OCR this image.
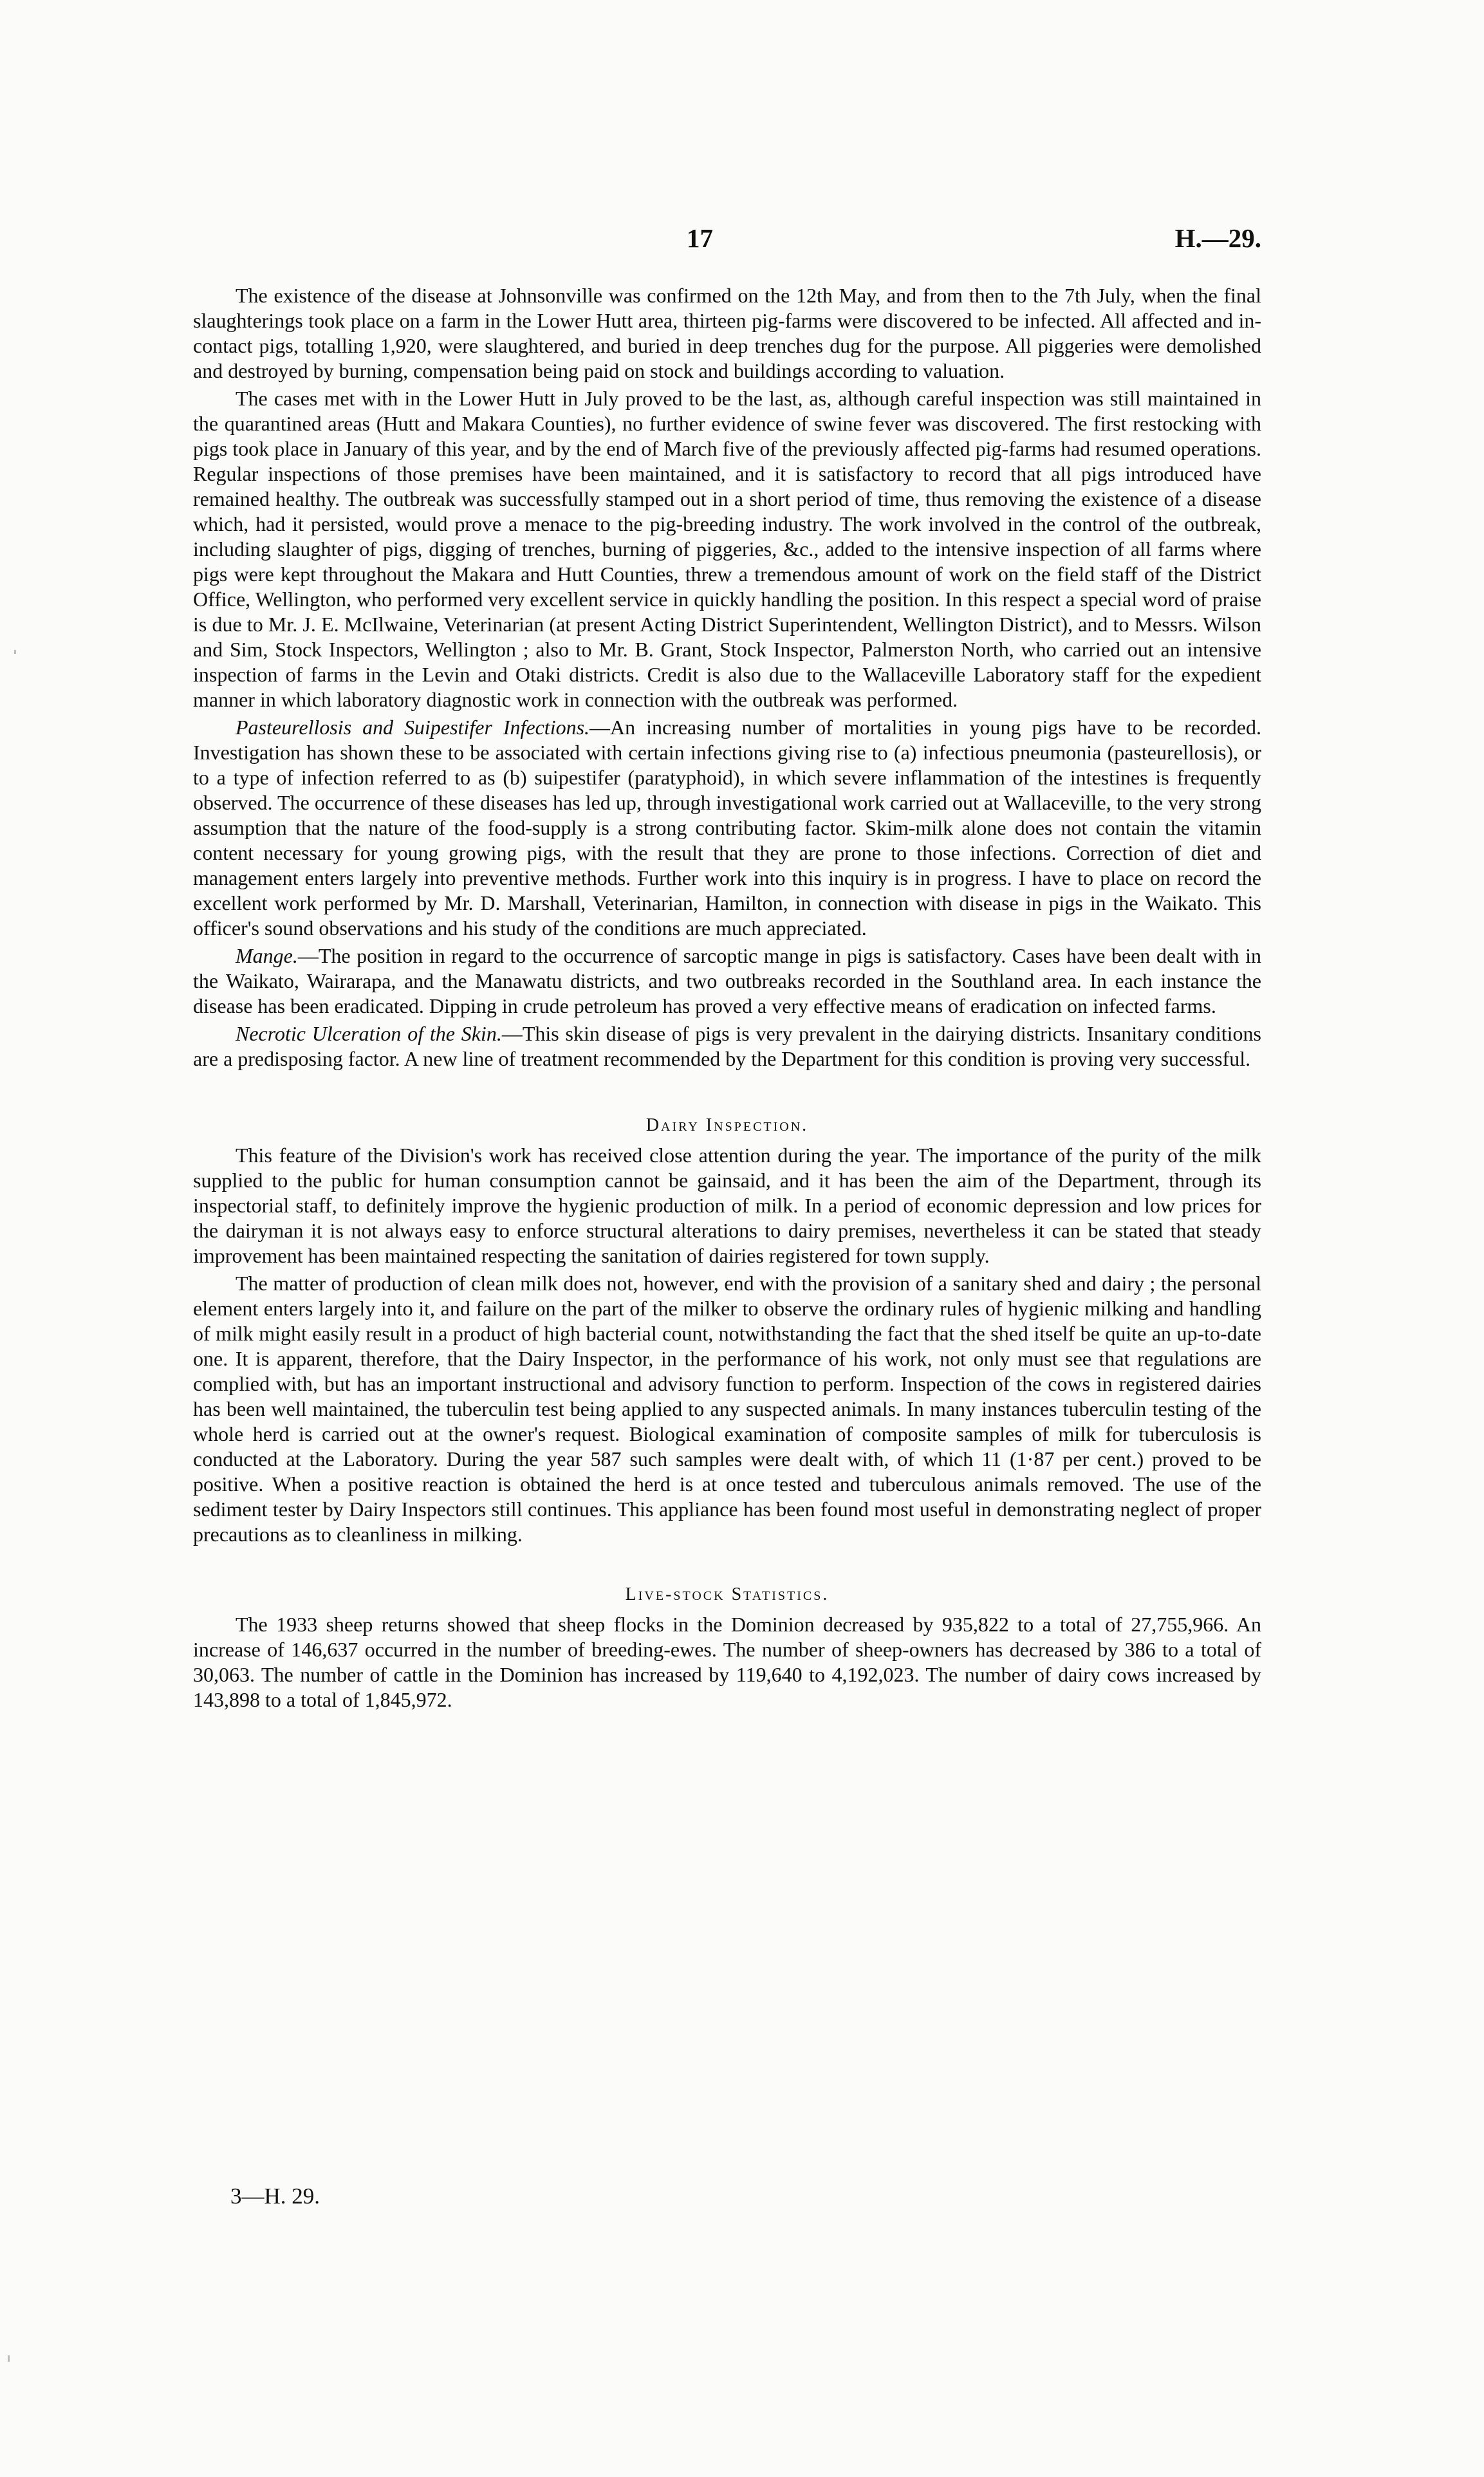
17	H.—29.

The existence of the disease at Johnsonville was confirmed on the 12th May, and from then to the 7th July, when the final slaughterings took place on a farm in the Lower Hutt area, thirteen pig-farms were discovered to be infected. All affected and in-contact pigs, totalling 1,920, were slaughtered, and buried in deep trenches dug for the purpose. All piggeries were demolished and destroyed by burning, compensation being paid on stock and buildings according to valuation.

The cases met with in the Lower Hutt in July proved to be the last, as, although careful inspection was still maintained in the quarantined areas (Hutt and Makara Counties), no further evidence of swine fever was discovered. The first restocking with pigs took place in January of this year, and by the end of March five of the previously affected pig-farms had resumed operations. Regular inspections of those premises have been maintained, and it is satisfactory to record that all pigs introduced have remained healthy. The outbreak was successfully stamped out in a short period of time, thus removing the existence of a disease which, had it persisted, would prove a menace to the pig-breeding industry. The work involved in the control of the outbreak, including slaughter of pigs, digging of trenches, burning of piggeries, &c., added to the intensive inspection of all farms where pigs were kept throughout the Makara and Hutt Counties, threw a tremendous amount of work on the field staff of the District Office, Wellington, who performed very excellent service in quickly handling the position. In this respect a special word of praise is due to Mr. J. E. McIlwaine, Veterinarian (at present Acting District Superintendent, Wellington District), and to Messrs. Wilson and Sim, Stock Inspectors, Wellington ; also to Mr. B. Grant, Stock Inspector, Palmerston North, who carried out an intensive inspection of farms in the Levin and Otaki districts. Credit is also due to the Wallaceville Laboratory staff for the expedient manner in which laboratory diagnostic work in connection with the outbreak was performed.

Pasteurellosis and Suipestifer Infections.—An increasing number of mortalities in young pigs have to be recorded. Investigation has shown these to be associated with certain infections giving rise to (a) infectious pneumonia (pasteurellosis), or to a type of infection referred to as (b) suipestifer (paratyphoid), in which severe inflammation of the intestines is frequently observed. The occurrence of these diseases has led up, through investigational work carried out at Wallaceville, to the very strong assumption that the nature of the food-supply is a strong contributing factor. Skim-milk alone does not contain the vitamin content necessary for young growing pigs, with the result that they are prone to those infections. Correction of diet and management enters largely into preventive methods. Further work into this inquiry is in progress. I have to place on record the excellent work performed by Mr. D. Marshall, Veterinarian, Hamilton, in connection with disease in pigs in the Waikato. This officer's sound observations and his study of the conditions are much appreciated.

Mange.—The position in regard to the occurrence of sarcoptic mange in pigs is satisfactory. Cases have been dealt with in the Waikato, Wairarapa, and the Manawatu districts, and two outbreaks recorded in the Southland area. In each instance the disease has been eradicated. Dipping in crude petroleum has proved a very effective means of eradication on infected farms.

Necrotic Ulceration of the Skin.—This skin disease of pigs is very prevalent in the dairying districts. Insanitary conditions are a predisposing factor. A new line of treatment recommended by the Department for this condition is proving very successful.

Dairy Inspection.

This feature of the Division's work has received close attention during the year. The importance of the purity of the milk supplied to the public for human consumption cannot be gainsaid, and it has been the aim of the Department, through its inspectorial staff, to definitely improve the hygienic production of milk. In a period of economic depression and low prices for the dairyman it is not always easy to enforce structural alterations to dairy premises, nevertheless it can be stated that steady improvement has been maintained respecting the sanitation of dairies registered for town supply.

The matter of production of clean milk does not, however, end with the provision of a sanitary shed and dairy ; the personal element enters largely into it, and failure on the part of the milker to observe the ordinary rules of hygienic milking and handling of milk might easily result in a product of high bacterial count, notwithstanding the fact that the shed itself be quite an up-to-date one. It is apparent, therefore, that the Dairy Inspector, in the performance of his work, not only must see that regulations are complied with, but has an important instructional and advisory function to perform. Inspection of the cows in registered dairies has been well maintained, the tuberculin test being applied to any suspected animals. In many instances tuberculin testing of the whole herd is carried out at the owner's request. Biological examination of composite samples of milk for tuberculosis is conducted at the Laboratory. During the year 587 such samples were dealt with, of which 11 (1·87 per cent.) proved to be positive. When a positive reaction is obtained the herd is at once tested and tuberculous animals removed. The use of the sediment tester by Dairy Inspectors still continues. This appliance has been found most useful in demonstrating neglect of proper precautions as to cleanliness in milking.

Live-stock Statistics.

The 1933 sheep returns showed that sheep flocks in the Dominion decreased by 935,822 to a total of 27,755,966. An increase of 146,637 occurred in the number of breeding-ewes. The number of sheep-owners has decreased by 386 to a total of 30,063. The number of cattle in the Dominion has increased by 119,640 to 4,192,023. The number of dairy cows increased by 143,898 to a total of 1,845,972.

3—H. 29.
